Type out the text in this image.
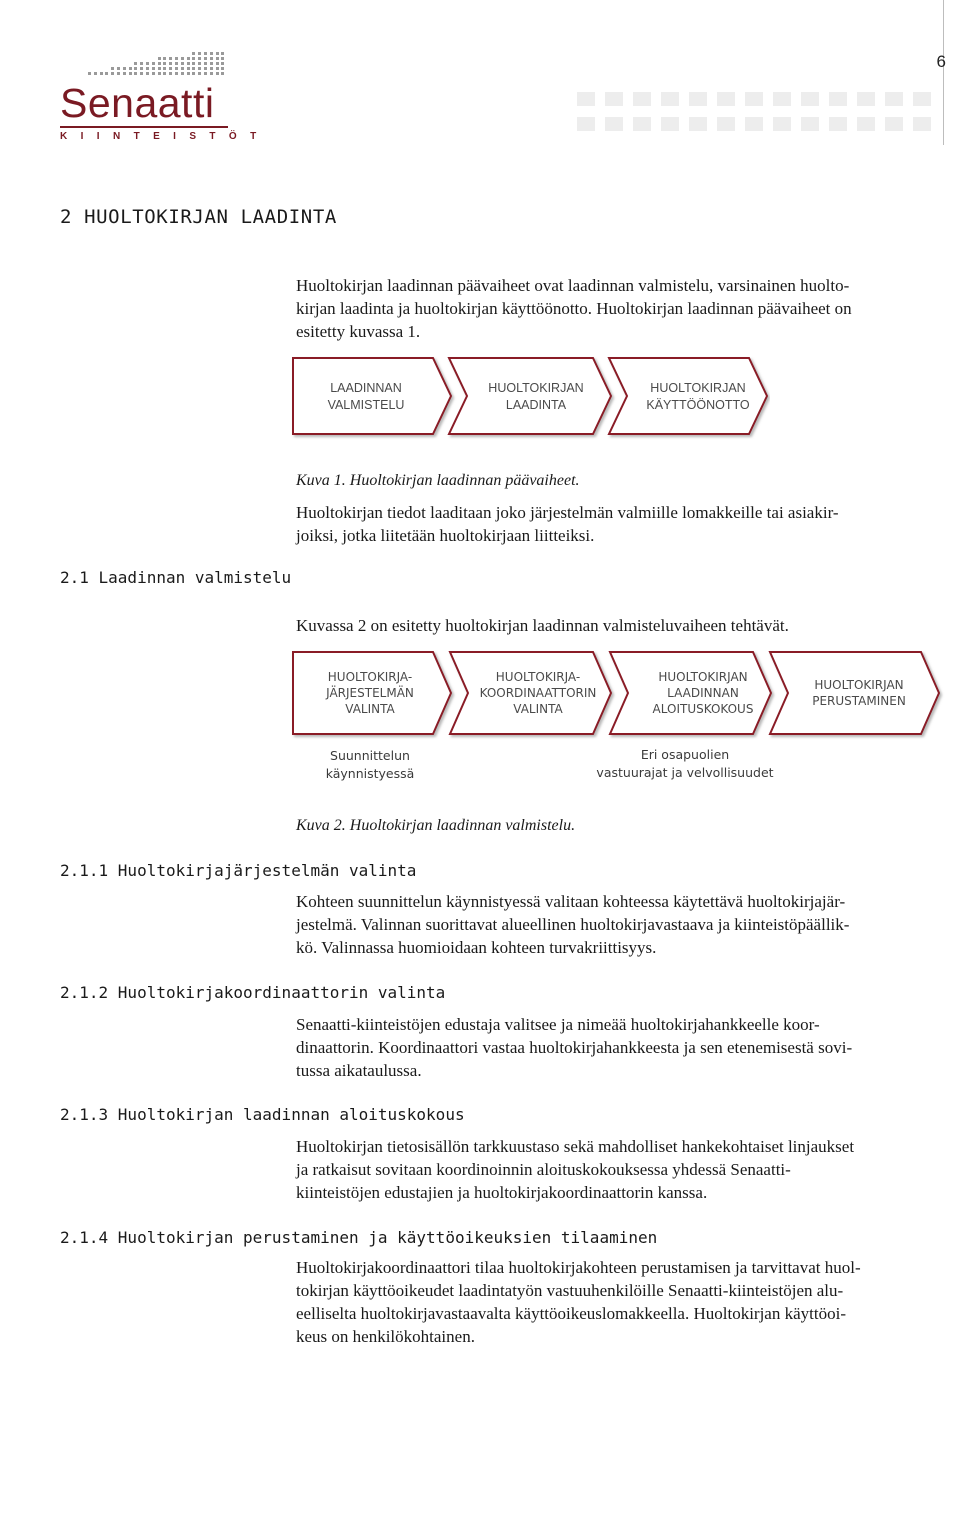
6
Senaatti
KIINTEISTÖT
2 HUOLTOKIRJAN LAADINTA
Huoltokirjan laadinnan päävaiheet ovat laadinnan valmistelu, varsinainen huolto-
kirjan laadinta ja huoltokirjan käyttöönotto. Huoltokirjan laadinnan päävaiheet on
esitetty kuvassa 1.
LAADINNAN
VALMISTELU
HUOLTOKIRJAN
LAADINTA
HUOLTOKIRJAN
KÄYTTÖÖNOTTO
Kuva 1. Huoltokirjan laadinnan päävaiheet.
Huoltokirjan tiedot laaditaan joko järjestelmän valmiille lomakkeille tai asiakir-
joiksi, jotka liitetään huoltokirjaan liitteiksi.
2.1 Laadinnan valmistelu
Kuvassa 2 on esitetty huoltokirjan laadinnan valmisteluvaiheen tehtävät.
HUOLTOKIRJA-
JÄRJESTELMÄN
VALINTA
HUOLTOKIRJA-
KOORDINAATTORIN
VALINTA
HUOLTOKIRJAN
LAADINNAN
ALOITUSKOKOUS
HUOLTOKIRJAN
PERUSTAMINEN
Suunnittelun
käynnistyessä
Eri osapuolien
vastuurajat ja velvollisuudet
Kuva 2. Huoltokirjan laadinnan valmistelu.
2.1.1 Huoltokirjajärjestelmän valinta
Kohteen suunnittelun käynnistyessä valitaan kohteessa käytettävä huoltokirjajär-
jestelmä. Valinnan suorittavat alueellinen huoltokirjavastaava ja kiinteistöpäällik-
kö. Valinnassa huomioidaan kohteen turvakriittisyys.
2.1.2 Huoltokirjakoordinaattorin valinta
Senaatti-kiinteistöjen edustaja valitsee ja nimeää huoltokirjahankkeelle koor-
dinaattorin. Koordinaattori vastaa huoltokirjahankkeesta ja sen etenemisestä sovi-
tussa aikataulussa.
2.1.3 Huoltokirjan laadinnan aloituskokous
Huoltokirjan tietosisällön tarkkuustaso sekä mahdolliset hankekohtaiset linjaukset
ja ratkaisut sovitaan koordinoinnin aloituskokouksessa yhdessä Senaatti-
kiinteistöjen edustajien ja huoltokirjakoordinaattorin kanssa.
2.1.4 Huoltokirjan perustaminen ja käyttöoikeuksien tilaaminen
Huoltokirjakoordinaattori tilaa huoltokirjakohteen perustamisen ja tarvittavat huol-
tokirjan käyttöoikeudet laadintatyön vastuuhenkilöille Senaatti-kiinteistöjen alu-
eelliselta huoltokirjavastaavalta käyttöoikeuslomakkeella. Huoltokirjan käyttöoi-
keus on henkilökohtainen.
